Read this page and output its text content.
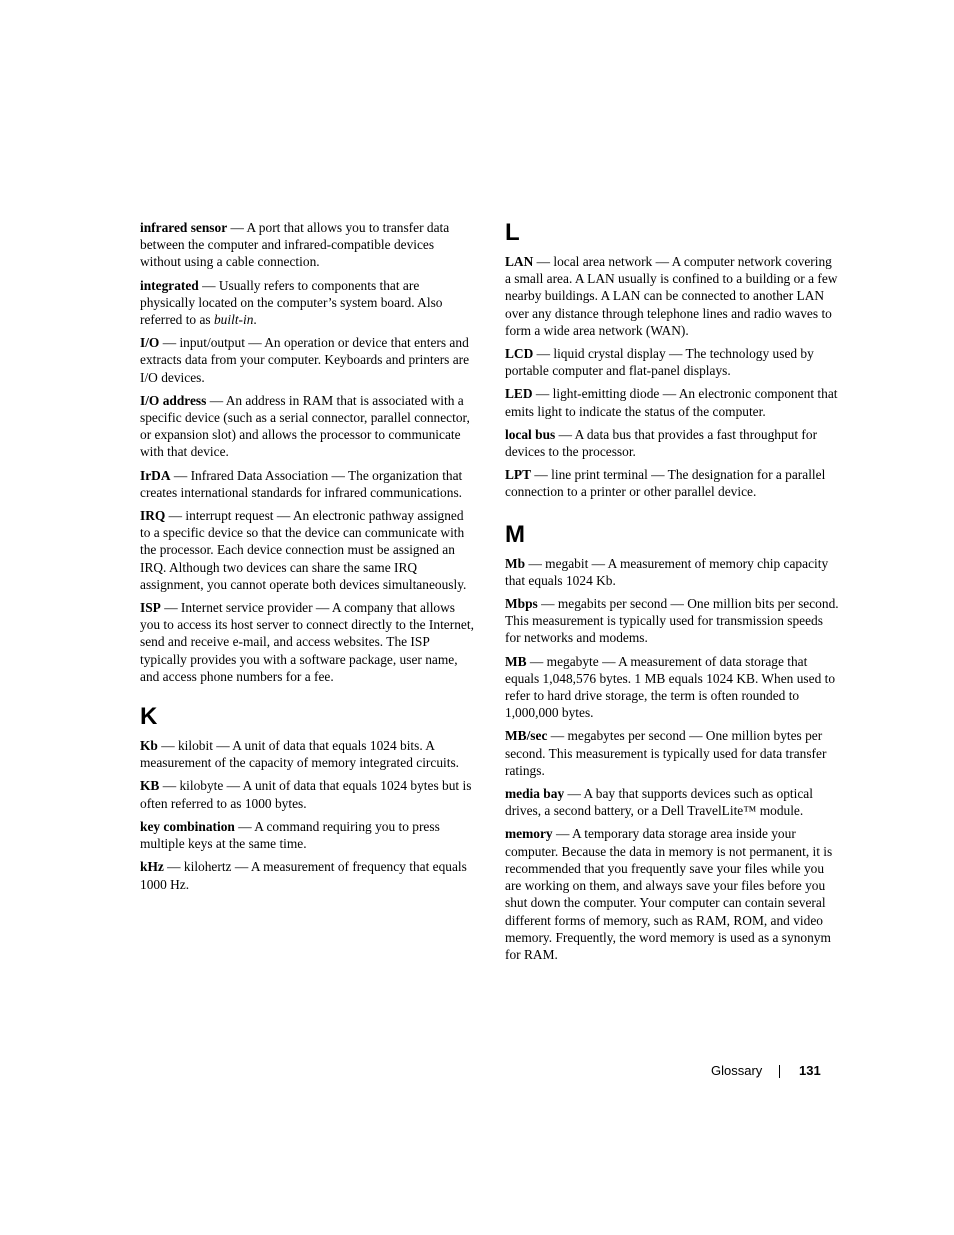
infrared sensor — A port that allows you to transfer data between the computer and infrared-compatible devices without using a cable connection.

integrated — Usually refers to components that are physically located on the computer’s system board. Also referred to as built-in.

I/O — input/output — An operation or device that enters and extracts data from your computer. Keyboards and printers are I/O devices.

I/O address — An address in RAM that is associated with a specific device (such as a serial connector, parallel connector, or expansion slot) and allows the processor to communicate with that device.

IrDA — Infrared Data Association — The organization that creates international standards for infrared communications.

IRQ — interrupt request — An electronic pathway assigned to a specific device so that the device can communicate with the processor. Each device connection must be assigned an IRQ. Although two devices can share the same IRQ assignment, you cannot operate both devices simultaneously.

ISP — Internet service provider — A company that allows you to access its host server to connect directly to the Internet, send and receive e-mail, and access websites. The ISP typically provides you with a software package, user name, and access phone numbers for a fee.

K

Kb — kilobit — A unit of data that equals 1024 bits. A measurement of the capacity of memory integrated circuits.

KB — kilobyte — A unit of data that equals 1024 bytes but is often referred to as 1000 bytes.

key combination — A command requiring you to press multiple keys at the same time.

kHz — kilohertz — A measurement of frequency that equals 1000 Hz.

L

LAN — local area network — A computer network covering a small area. A LAN usually is confined to a building or a few nearby buildings. A LAN can be connected to another LAN over any distance through telephone lines and radio waves to form a wide area network (WAN).

LCD — liquid crystal display — The technology used by portable computer and flat-panel displays.

LED — light-emitting diode — An electronic component that emits light to indicate the status of the computer.

local bus — A data bus that provides a fast throughput for devices to the processor.

LPT — line print terminal — The designation for a parallel connection to a printer or other parallel device.

M

Mb — megabit — A measurement of memory chip capacity that equals 1024 Kb.

Mbps — megabits per second — One million bits per second. This measurement is typically used for transmission speeds for networks and modems.

MB — megabyte — A measurement of data storage that equals 1,048,576 bytes. 1 MB equals 1024 KB. When used to refer to hard drive storage, the term is often rounded to 1,000,000 bytes.

MB/sec — megabytes per second — One million bytes per second. This measurement is typically used for data transfer ratings.

media bay — A bay that supports devices such as optical drives, a second battery, or a Dell TravelLite™ module.

memory — A temporary data storage area inside your computer. Because the data in memory is not permanent, it is recommended that you frequently save your files while you are working on them, and always save your files before you shut down the computer. Your computer can contain several different forms of memory, such as RAM, ROM, and video memory. Frequently, the word memory is used as a synonym for RAM.

Glossary	131
